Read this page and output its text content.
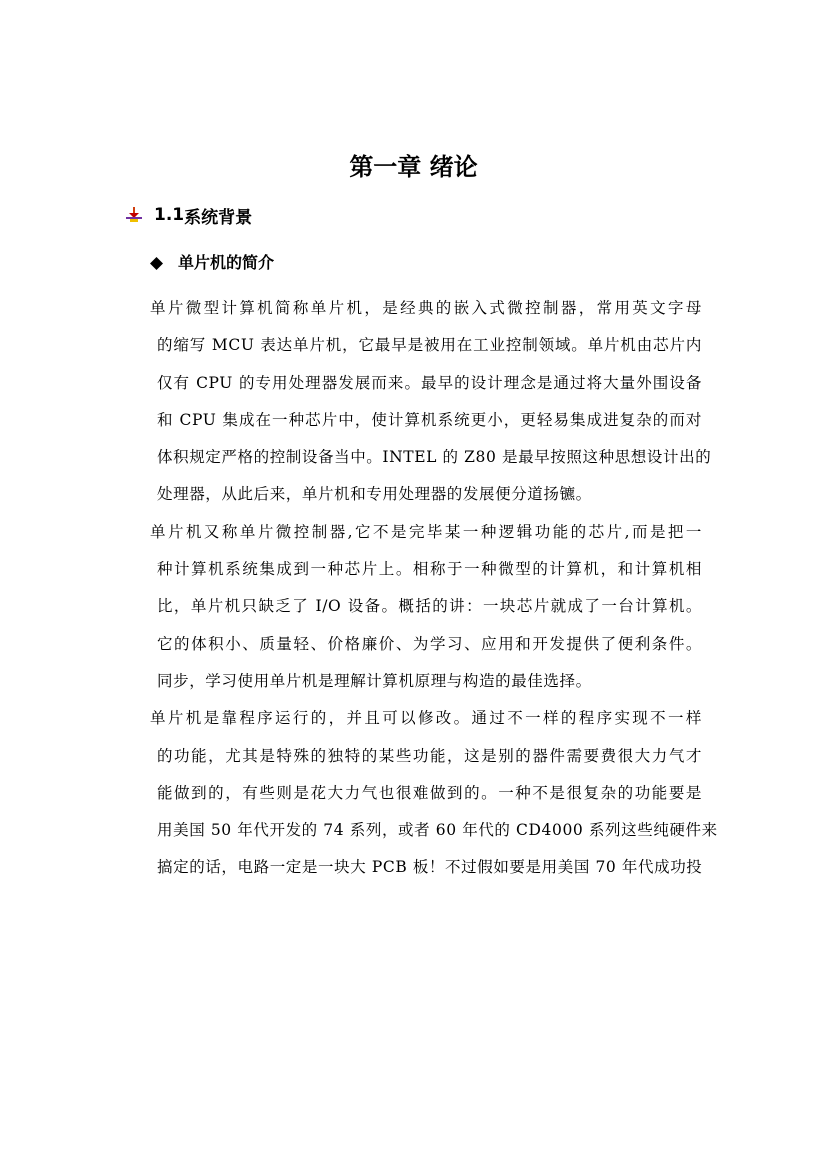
第一章 绪论
1.1 系统背景
单片机的简介
单片微型计算机简称单片机，是经典的嵌入式微控制器，常用英文字母
的缩写 MCU 表达单片机，它最早是被用在工业控制领域。单片机由芯片内
仅有 CPU 的专用处理器发展而来。最早的设计理念是通过将大量外围设备
和 CPU 集成在一种芯片中，使计算机系统更小，更轻易集成进复杂的而对
体积规定严格的控制设备当中。INTEL 的 Z80 是最早按照这种思想设计出的
处理器，从此后来，单片机和专用处理器的发展便分道扬镳。
单片机又称单片微控制器,它不是完毕某一种逻辑功能的芯片,而是把一
种计算机系统集成到一种芯片上。相称于一种微型的计算机，和计算机相
比，单片机只缺乏了 I/O 设备。概括的讲：一块芯片就成了一台计算机。
它的体积小、质量轻、价格廉价、为学习、应用和开发提供了便利条件。
同步，学习使用单片机是理解计算机原理与构造的最佳选择。
单片机是靠程序运行的，并且可以修改。通过不一样的程序实现不一样
的功能，尤其是特殊的独特的某些功能，这是别的器件需要费很大力气才
能做到的，有些则是花大力气也很难做到的。一种不是很复杂的功能要是
用美国 50 年代开发的 74 系列，或者 60 年代的 CD4000 系列这些纯硬件来
搞定的话，电路一定是一块大 PCB 板！不过假如要是用美国 70 年代成功投
